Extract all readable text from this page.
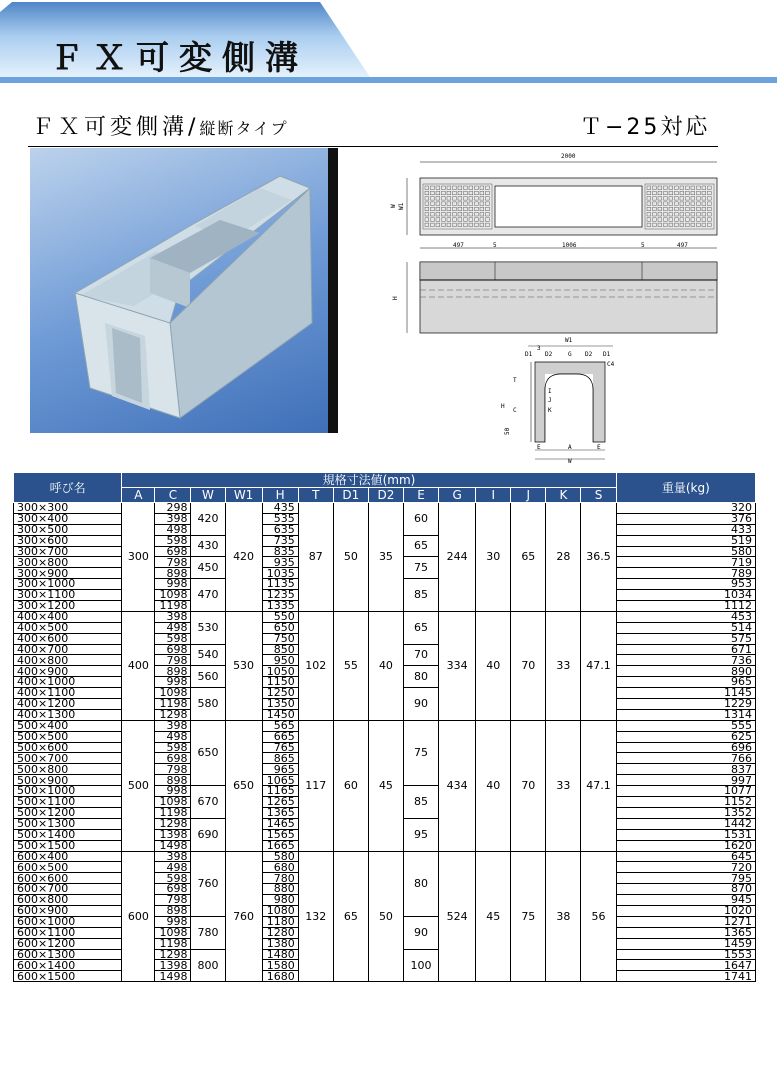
ＦＸ可変側溝
ＦＸ可変側溝/縦断タイプ	Ｔ−25対応
2000
W W1
497	5	1006	5	497
H
W1
D1
3
D2	G D2 D1
C4
T
C
H
50
I
J
K
E	A	E
W
呼び名	規格寸法値(mm)														重量(kg)
	A	C	W	W1	H	T	D1	D2	E	G	I	J	K	S	
300×300	300	298	420	420	435	87	50	35	60	244	30	65	28	36.5	320
300×400		398			535										376
300×500		498			635										433
300×600		598	430		735				65						519
300×700		698			835										580
300×800		798	450		935				75						719
300×900		898			1035										789
300×1000		998	470		1135				85						953
300×1100		1098			1235										1034
300×1200		1198			1335										1112
400×400	400	398	530	530	550	102	55	40	65	334	40	70	33	47.1	453
400×500		498			650										514
400×600		598			750										575
400×700		698	540		850				70						671
400×800		798			950										736
400×900		898	560		1050				80						890
400×1000		998			1150										965
400×1100		1098	580		1250				90						1145
400×1200		1198			1350										1229
400×1300		1298			1450										1314
500×400	500	398	650	650	565	117	60	45	75	434	40	70	33	47.1	555
500×500		498			665										625
500×600		598			765										696
500×700		698			865										766
500×800		798			965										837
500×900		898			1065										997
500×1000		998	670		1165				85						1077
500×1100		1098			1265										1152
500×1200		1198			1365										1352
500×1300		1298	690		1465				95						1442
500×1400		1398			1565										1531
500×1500		1498			1665										1620
600×400	600	398	760	760	580	132	65	50	80	524	45	75	38	56	645
600×500		498			680										720
600×600		598			780										795
600×700		698			880										870
600×800		798			980										945
600×900		898			1080										1020
600×1000		998	780		1180				90						1271
600×1100		1098			1280										1365
600×1200		1198			1380										1459
600×1300		1298	800		1480				100						1553
600×1400		1398			1580										1647
600×1500		1498			1680										1741
